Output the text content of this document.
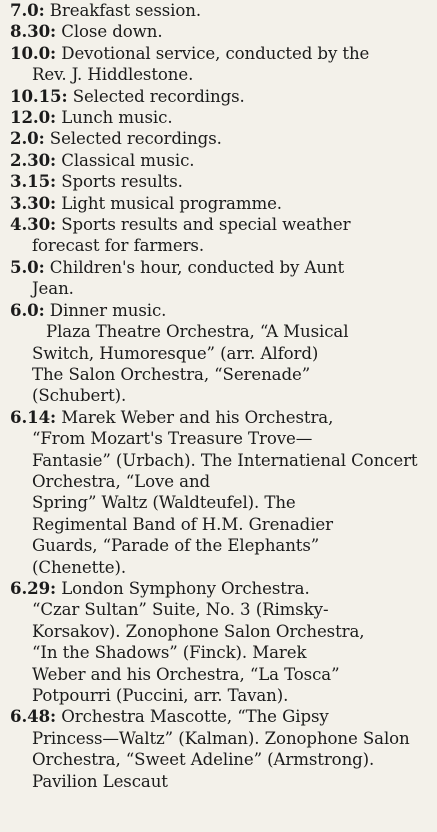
7.0: Breakfast session.

8.30: Close down.

10.0: Devotional service, conducted by the
Rev. J. Hiddlestone.

10.15: Selected recordings.

12.0: Lunch music.

2.0: Selected recordings.

2.30: Classical music.

3.15: Sports results.

3.30: Light musical programme.

4.30: Sports results and special weather
forecast for farmers.

5.0: Children's hour, conducted by Aunt
Jean.

6.0: Dinner music.

Plaza Theatre Orchestra, “A Musical
Switch, Humoresque” (arr. Alford)
The Salon Orchestra, “Serenade”
(Schubert).

6.14: Marek Weber and his Orchestra,
“From Mozart's Treasure Trove—
Fantasie” (Urbach). The Internatienal Concert Orchestra, “Love and
Spring” Waltz (Waldteufel). The
Regimental Band of H.M. Grenadier
Guards, “Parade of the Elephants”
(Chenette).

6.29: London Symphony Orchestra.
“Czar Sultan” Suite, No. 3 (Rimsky-
Korsakov). Zonophone Salon Orchestra,
“In the Shadows” (Finck). Marek
Weber and his Orchestra, “La Tosca”
Potpourri (Puccini, arr. Tavan).

6.48: Orchestra Mascotte, “The Gipsy
Princess—Waltz” (Kalman). Zonophone Salon Orchestra, “Sweet Adeline” (Armstrong). Pavilion Lescaut
